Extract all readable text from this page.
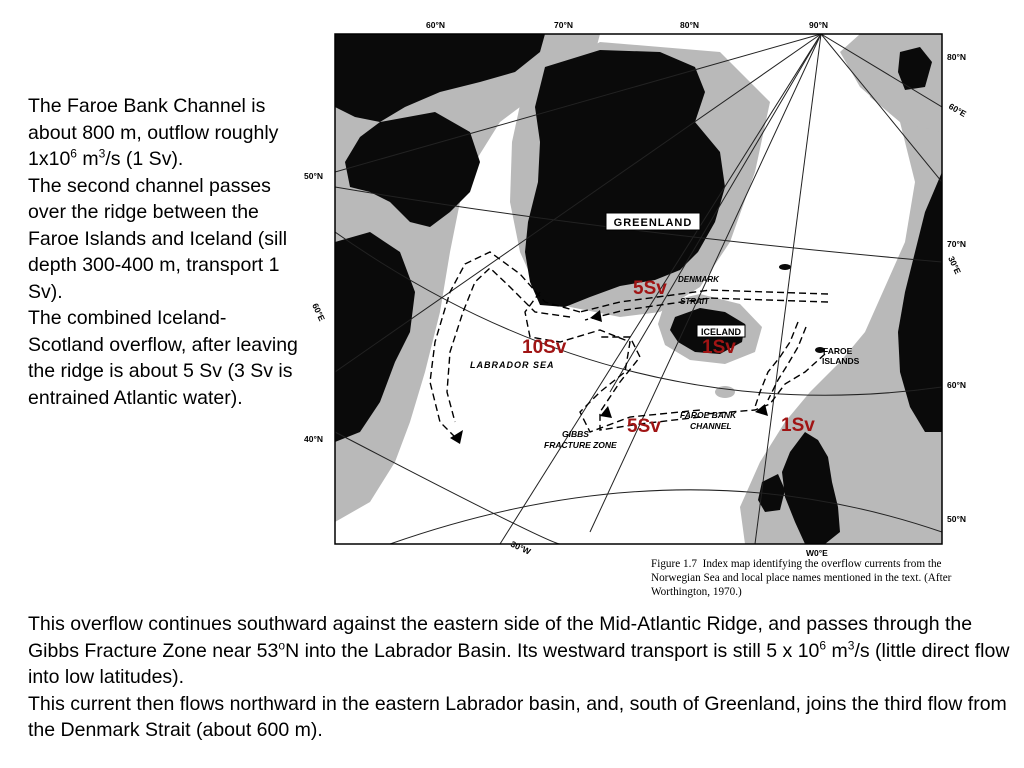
The Faroe Bank Channel is about 800 m, outflow roughly $1x10^6$ $m^3/s$ (1 Sv).

The second channel passes over the ridge between the Faroe Islands and Iceland (sill depth 300-400 m, transport 1 Sv).

The combined Iceland-Scotland overflow, after leaving the ridge is about 5 Sv (3 Sv is entrained Atlantic water).

GREENLAND
ICELAND
DENMARK
STRAIT
LABRADOR SEA
FAROE
ISLANDS
FAROE BANK
CHANNEL
GIBBS
FRACTURE ZONE
5Sv
10Sv	1Sv
5Sv	1Sv
60°N	70°N	80°N	90°N
80°N
60°E
70°N
30°E
60°N
50°N
50°N
60°E
40°N
30°W	W0°E
Figure 1.7 Index map identifying the overflow currents from the Norwegian Sea and local place names mentioned in the text. (After Worthington, 1970.)

This overflow continues southward against the eastern side of the Mid-Atlantic Ridge, and passes through the Gibbs Fracture Zone near 53$^o$N into the Labrador Basin. Its westward transport is still 5 x $10^6$ $m^3/s$ (little direct flow into low latitudes).

This current then flows northward in the eastern Labrador basin, and, south of Greenland, joins the third flow from the Denmark Strait (about 600 m).
